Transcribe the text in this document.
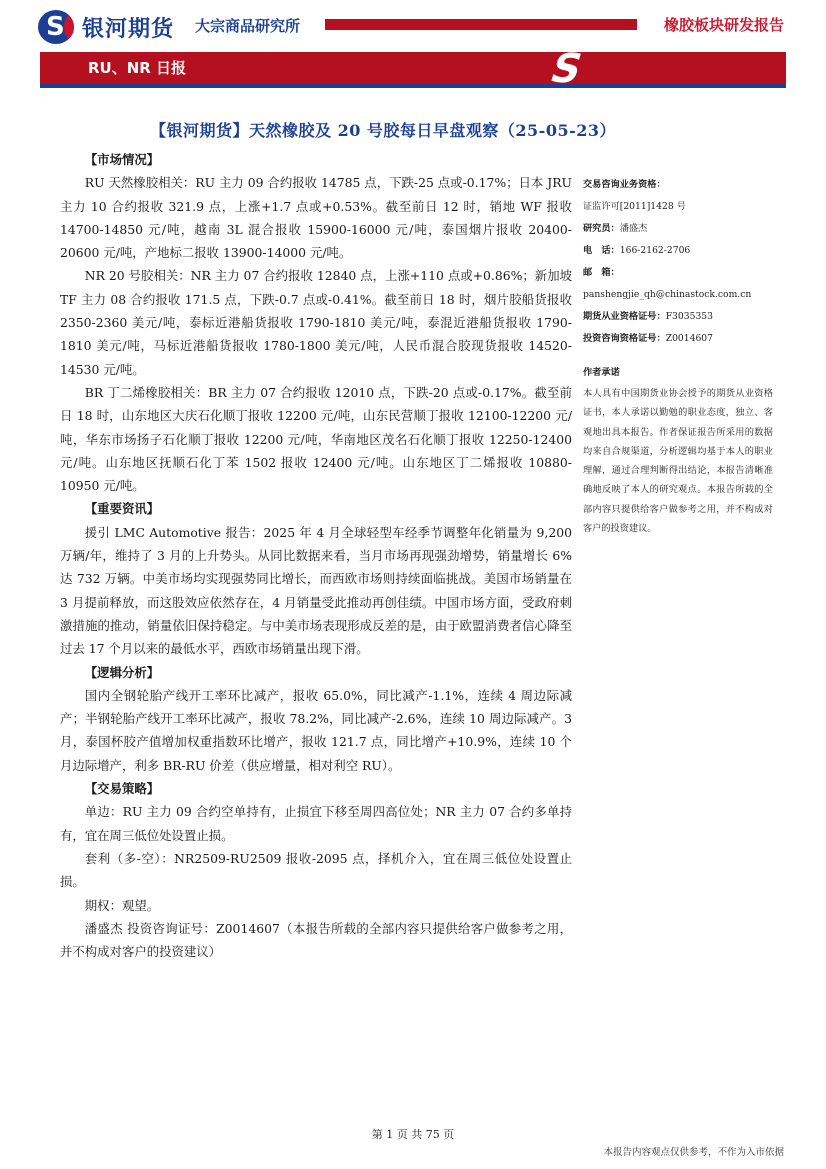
S 银河期货 大宗商品研究所	橡胶板块研发报告
RU、NR 日报	S
【银河期货】天然橡胶及 20 号胶每日早盘观察（25-05-23）

【市场情况】

RU 天然橡胶相关：RU 主力 09 合约报收 14785 点，下跌-25 点或-0.17%；日本 JRU 主力 10 合约报收 321.9 点，上涨+1.7 点或+0.53%。截至前日 12 时，销地 WF 报收 14700-14850 元/吨，越南 3L 混合报收 15900-16000 元/吨，泰国烟片报收 20400-20600 元/吨，产地标二报收 13900-14000 元/吨。

NR 20 号胶相关：NR 主力 07 合约报收 12840 点，上涨+110 点或+0.86%；新加坡 TF 主力 08 合约报收 171.5 点，下跌-0.7 点或-0.41%。截至前日 18 时，烟片胶船货报收 2350-2360 美元/吨，泰标近港船货报收 1790-1810 美元/吨，泰混近港船货报收 1790-1810 美元/吨，马标近港船货报收 1780-1800 美元/吨，人民币混合胶现货报收 14520-14530 元/吨。

BR 丁二烯橡胶相关：BR 主力 07 合约报收 12010 点，下跌-20 点或-0.17%。截至前日 18 时，山东地区大庆石化顺丁报收 12200 元/吨，山东民营顺丁报收 12100-12200 元/吨，华东市场扬子石化顺丁报收 12200 元/吨，华南地区茂名石化顺丁报收 12250-12400 元/吨。山东地区抚顺石化丁苯 1502 报收 12400 元/吨。山东地区丁二烯报收 10880-10950 元/吨。

【重要资讯】

援引 LMC Automotive 报告：2025 年 4 月全球轻型车经季节调整年化销量为 9,200 万辆/年，维持了 3 月的上升势头。从同比数据来看，当月市场再现强劲增势，销量增长 6%达 732 万辆。中美市场均实现强势同比增长，而西欧市场则持续面临挑战。美国市场销量在 3 月提前释放，而这股效应依然存在，4 月销量受此推动再创佳绩。中国市场方面，受政府刺激措施的推动，销量依旧保持稳定。与中美市场表现形成反差的是，由于欧盟消费者信心降至过去 17 个月以来的最低水平，西欧市场销量出现下滑。

【逻辑分析】

国内全钢轮胎产线开工率环比减产，报收 65.0%，同比减产-1.1%，连续 4 周边际减产；半钢轮胎产线开工率环比减产，报收 78.2%，同比减产-2.6%，连续 10 周边际减产。3 月，泰国杯胶产值增加权重指数环比增产，报收 121.7 点，同比增产+10.9%，连续 10 个月边际增产，利多 BR-RU 价差（供应增量，相对利空 RU）。

【交易策略】

单边：RU 主力 09 合约空单持有，止损宜下移至周四高位处；NR 主力 07 合约多单持有，宜在周三低位处设置止损。

套利（多-空）：NR2509-RU2509 报收-2095 点，择机介入，宜在周三低位处设置止损。

期权：观望。

潘盛杰 投资咨询证号：Z0014607（本报告所载的全部内容只提供给客户做参考之用，并不构成对客户的投资建议）

交易咨询业务资格：
证监许可[2011]1428 号
研究员：潘盛杰
电　话：166-2162-2706
邮　箱：
panshengjie_qh@chinastock.com.cn
期货从业资格证号：F3035353
投资咨询资格证号：Z0014607
作者承诺
本人具有中国期货业协会授予的期货从业资格证书，本人承诺以勤勉的职业态度，独立、客观地出具本报告。作者保证报告所采用的数据均来自合规渠道，分析逻辑均基于本人的职业理解，通过合理判断得出结论，本报告清晰准确地反映了本人的研究观点。本报告所载的全部内容只提供给客户做参考之用，并不构成对客户的投资建议。
第 1 页 共 75 页
本报告内容观点仅供参考，不作为入市依据
